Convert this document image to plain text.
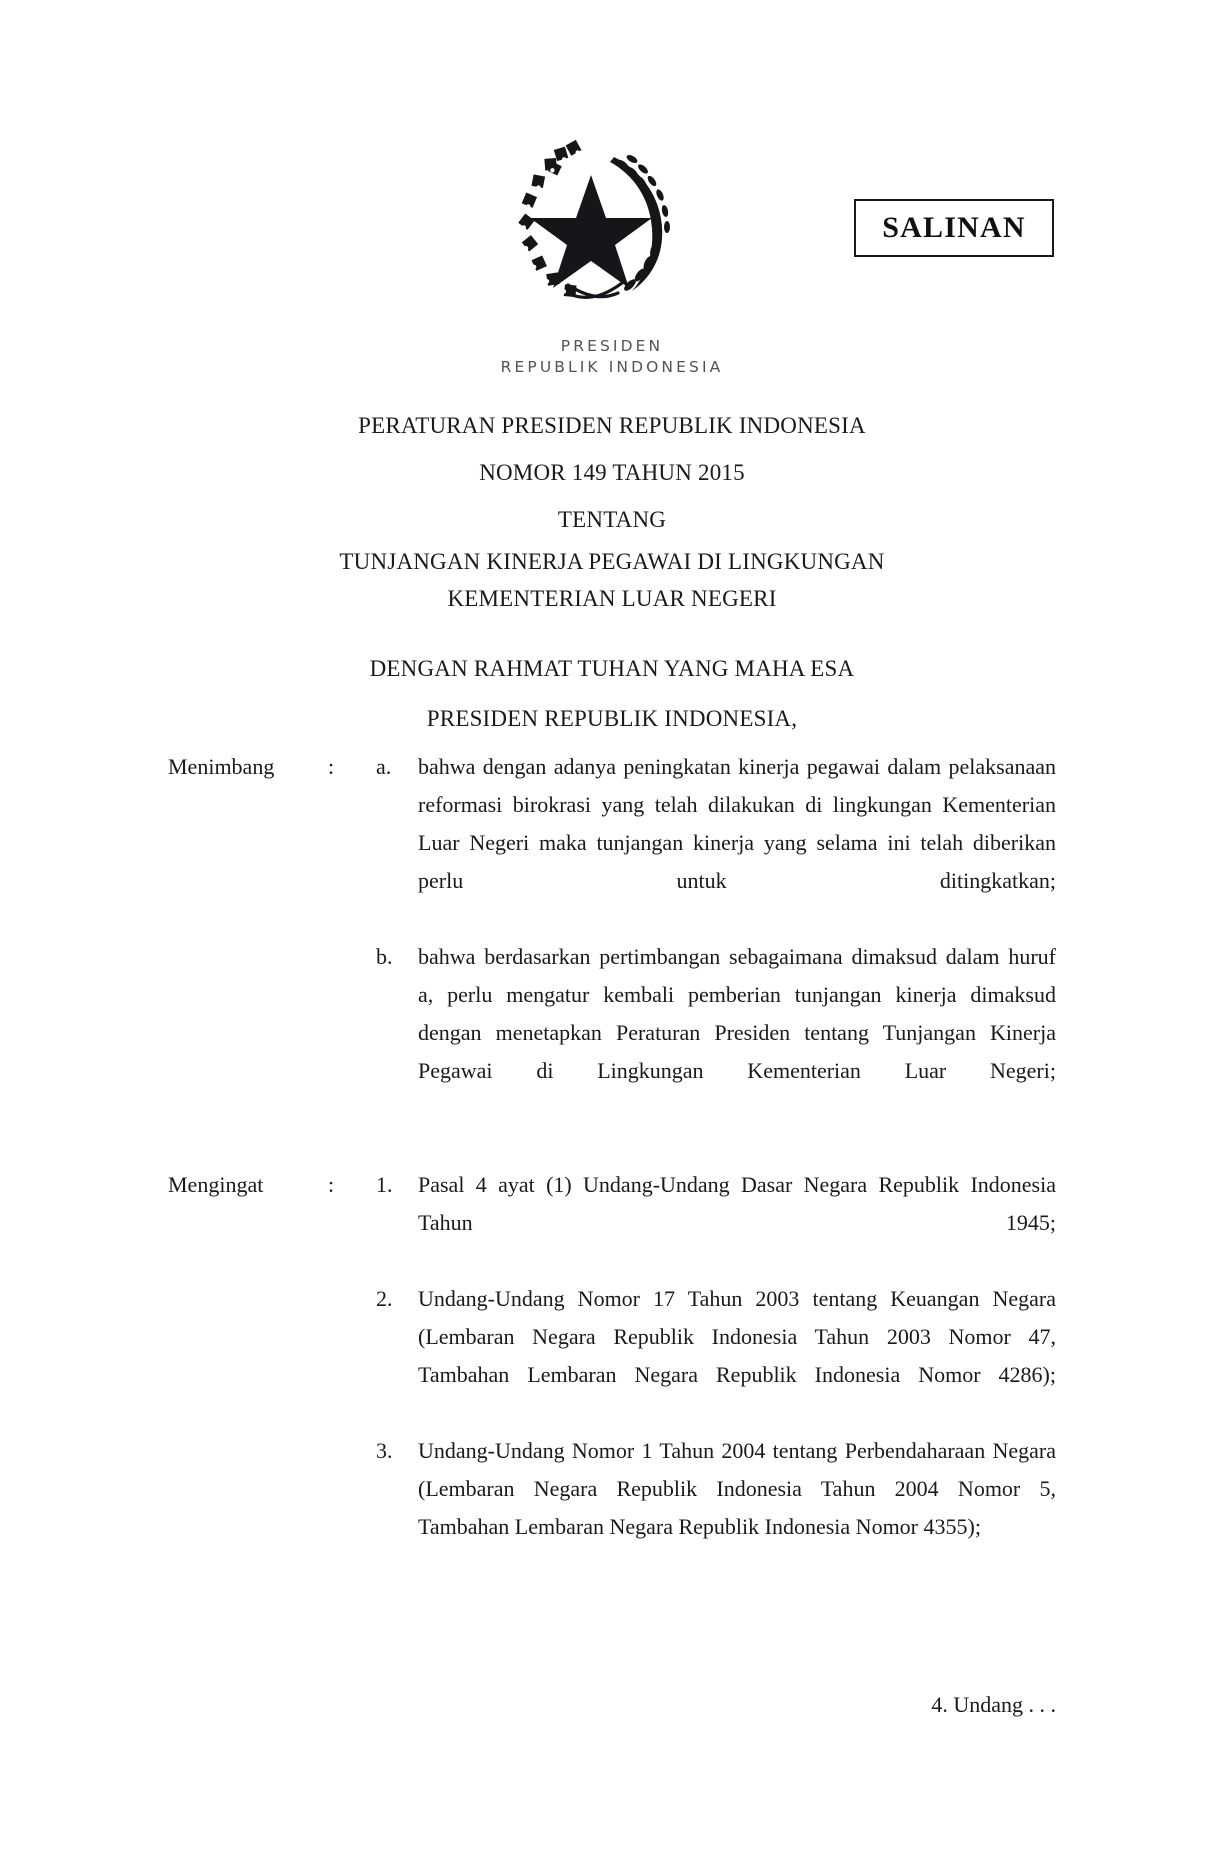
SALINAN
PRESIDEN
REPUBLIK INDONESIA
PERATURAN PRESIDEN REPUBLIK INDONESIA
NOMOR 149 TAHUN 2015
TENTANG
TUNJANGAN KINERJA PEGAWAI DI LINGKUNGAN
KEMENTERIAN LUAR NEGERI
DENGAN RAHMAT TUHAN YANG MAHA ESA
PRESIDEN REPUBLIK INDONESIA,
Menimbang	:	a.	bahwa dengan adanya peningkatan kinerja pegawai dalam pelaksanaan reformasi birokrasi yang telah dilakukan di lingkungan Kementerian Luar Negeri maka tunjangan kinerja yang selama ini telah diberikan perlu untuk ditingkatkan;
b.	bahwa berdasarkan pertimbangan sebagaimana dimaksud dalam huruf a, perlu mengatur kembali pemberian tunjangan kinerja dimaksud dengan menetapkan Peraturan Presiden tentang Tunjangan Kinerja Pegawai di Lingkungan Kementerian Luar Negeri;
Mengingat	:	1.	Pasal 4 ayat (1) Undang-Undang Dasar Negara Republik Indonesia Tahun 1945;
2.	Undang-Undang Nomor 17 Tahun 2003 tentang Keuangan Negara (Lembaran Negara Republik Indonesia Tahun 2003 Nomor 47, Tambahan Lembaran Negara Republik Indonesia Nomor 4286);
3.	Undang-Undang Nomor 1 Tahun 2004 tentang Perbendaharaan Negara (Lembaran Negara Republik Indonesia Tahun 2004 Nomor 5, Tambahan Lembaran Negara Republik Indonesia Nomor 4355);
4. Undang . . .
